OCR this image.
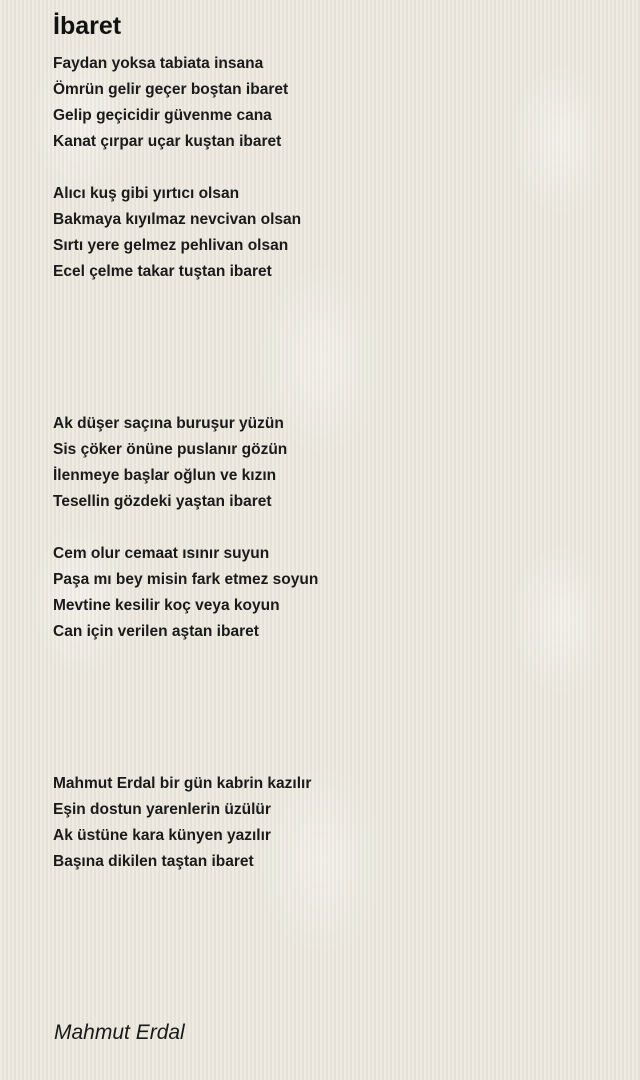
İbaret

Faydan yoksa tabiata insana

Ömrün gelir geçer boştan ibaret

Gelip geçicidir güvenme cana

Kanat çırpar uçar kuştan ibaret

Alıcı kuş gibi yırtıcı olsan

Bakmaya kıyılmaz nevcivan olsan

Sırtı yere gelmez pehlivan olsan

Ecel çelme takar tuştan ibaret

Ak düşer saçına buruşur yüzün

Sis çöker önüne puslanır gözün

İlenmeye başlar oğlun ve kızın

Tesellin gözdeki yaştan ibaret

Cem olur cemaat ısınır suyun

Paşa mı bey misin fark etmez soyun

Mevtine kesilir koç veya koyun

Can için verilen aştan ibaret

Mahmut Erdal bir gün kabrin kazılır

Eşin dostun yarenlerin üzülür

Ak üstüne kara künyen yazılır

Başına dikilen taştan ibaret

Mahmut Erdal
